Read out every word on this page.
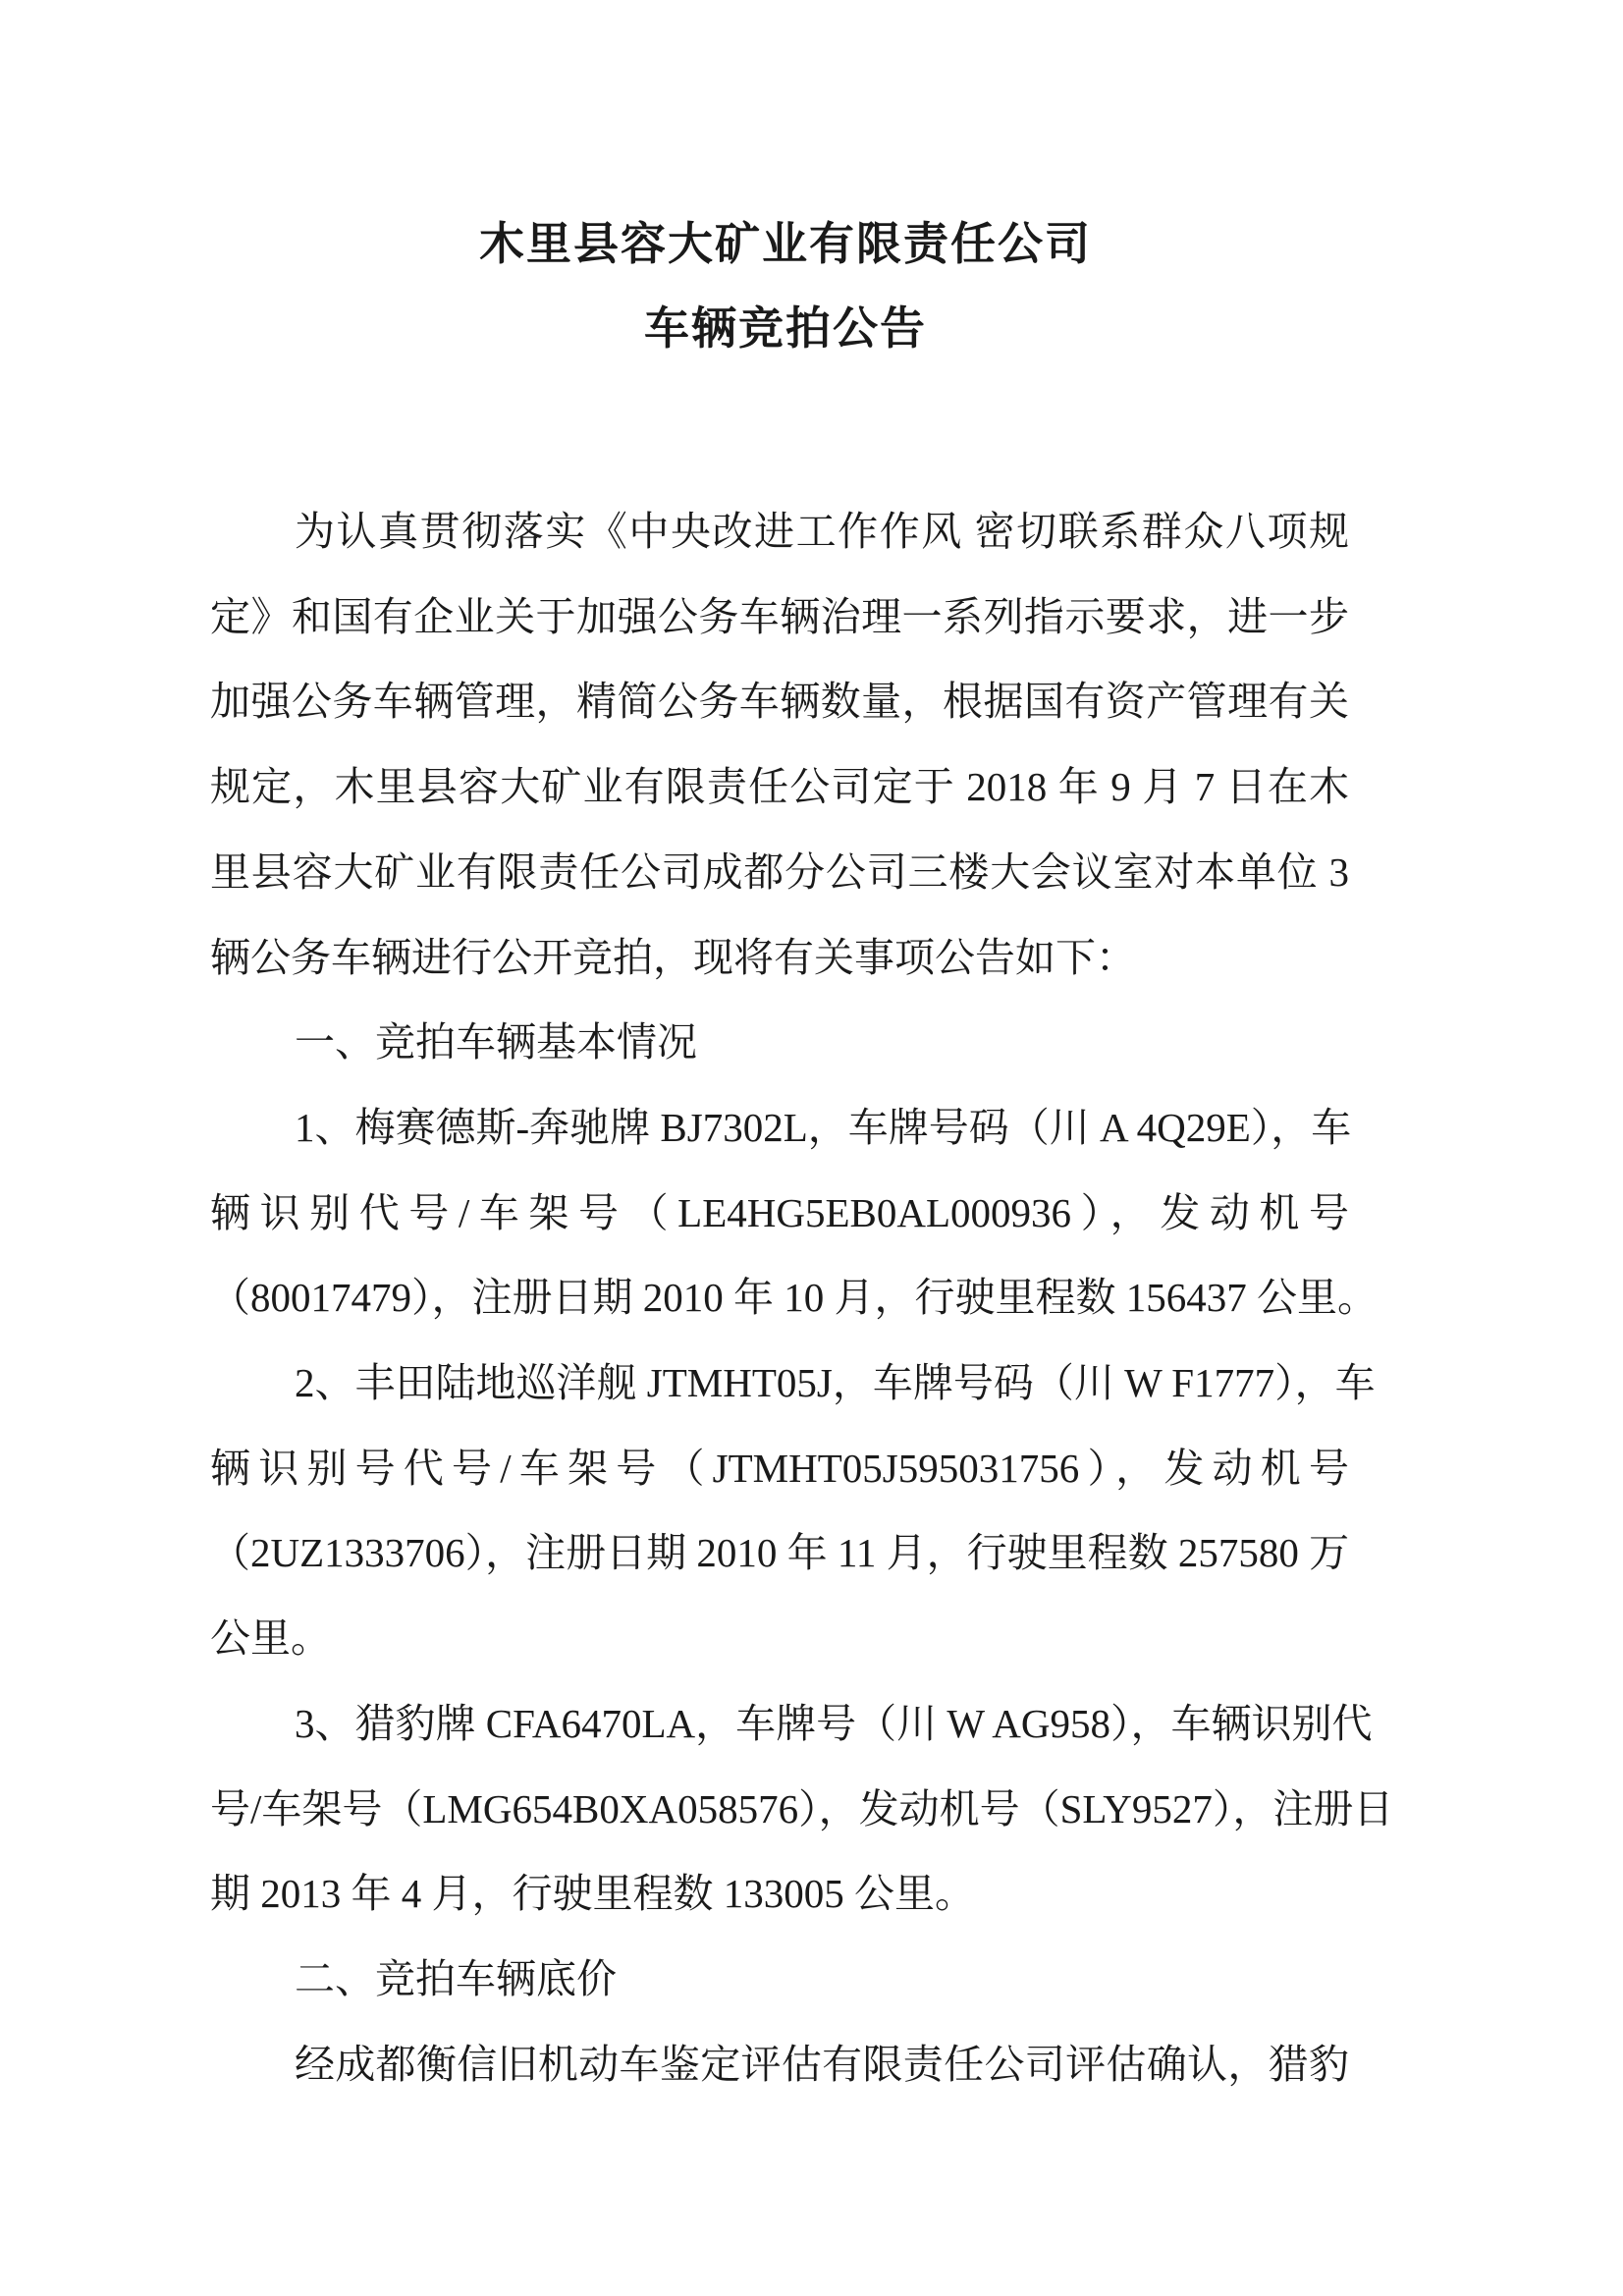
木里县容大矿业有限责任公司
车辆竞拍公告
为认真贯彻落实《中央改进工作作风 密切联系群众八项规
定》和国有企业关于加强公务车辆治理一系列指示要求，进一步
加强公务车辆管理，精简公务车辆数量，根据国有资产管理有关
规定，木里县容大矿业有限责任公司定于 2018 年 9 月 7 日在木
里县容大矿业有限责任公司成都分公司三楼大会议室对本单位 3
辆公务车辆进行公开竞拍，现将有关事项公告如下：
一、竞拍车辆基本情况
1、梅赛德斯-奔驰牌 BJ7302L，车牌号码（川 A 4Q29E），车
辆识别代号/车架号（LE4HG5EB0AL000936），发动机号
（80017479），注册日期 2010 年 10 月，行驶里程数 156437 公里。
2、丰田陆地巡洋舰 JTMHT05J，车牌号码（川 W F1777），车
辆识别号代号/车架号（JTMHT05J595031756），发动机号
（2UZ1333706），注册日期 2010 年 11 月，行驶里程数 257580 万
公里。
3、猎豹牌 CFA6470LA，车牌号（川 W AG958），车辆识别代
号/车架号（LMG654B0XA058576），发动机号（SLY9527），注册日
期 2013 年 4 月，行驶里程数 133005 公里。
二、竞拍车辆底价
经成都衡信旧机动车鉴定评估有限责任公司评估确认，猎豹
